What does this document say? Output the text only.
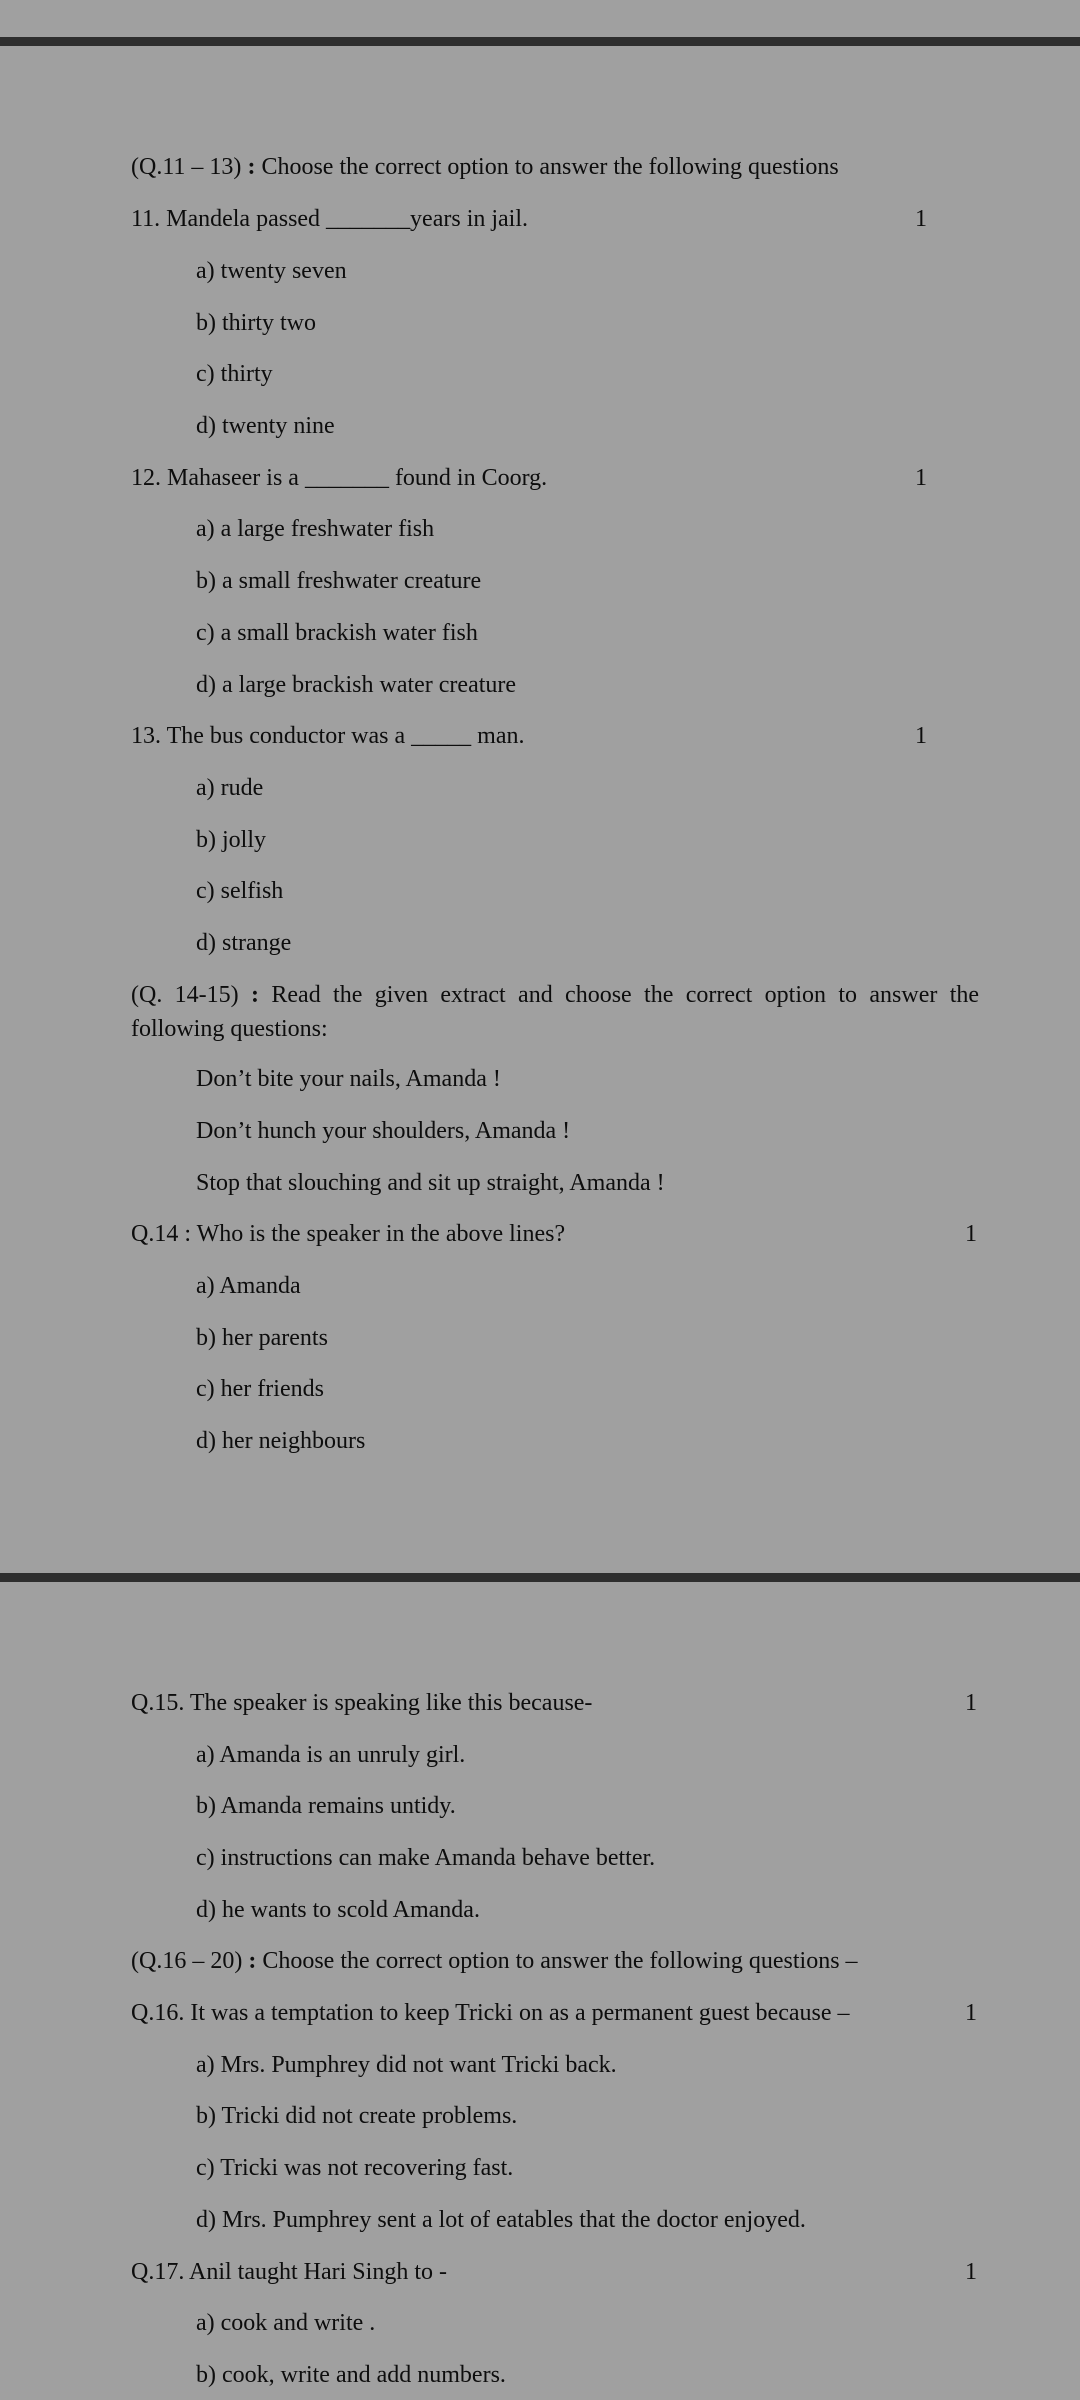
(Q.11 – 13) : Choose the correct option to answer the following questions
11. Mandela passed _______years in jail.	1
a) twenty seven
b) thirty two
c) thirty
d) twenty nine
12. Mahaseer is a _______ found in Coorg.	1
a) a large freshwater fish
b) a small freshwater creature
c) a small brackish water fish
d) a large brackish water creature
13. The bus conductor was a _____ man.	1
a) rude
b) jolly
c) selfish
d) strange
(Q. 14-15) : Read the given extract and choose the correct option to answer the following questions:
Don’t bite your nails, Amanda !
Don’t hunch your shoulders, Amanda !
Stop that slouching and sit up straight, Amanda !
Q.14 : Who is the speaker in the above lines?	1
a) Amanda
b) her parents
c) her friends
d) her neighbours
Q.15. The speaker is speaking like this because-	1
a) Amanda is an unruly girl.
b) Amanda remains untidy.
c) instructions can make Amanda behave better.
d) he wants to scold Amanda.
(Q.16 – 20) : Choose the correct option to answer the following questions –
Q.16. It was a temptation to keep Tricki on as a permanent guest because –	1
a) Mrs. Pumphrey did not want Tricki back.
b) Tricki did not create problems.
c) Tricki was not recovering fast.
d) Mrs. Pumphrey sent a lot of eatables that the doctor enjoyed.
Q.17. Anil taught Hari Singh to -	1
a) cook and write .
b) cook, write and add numbers.
